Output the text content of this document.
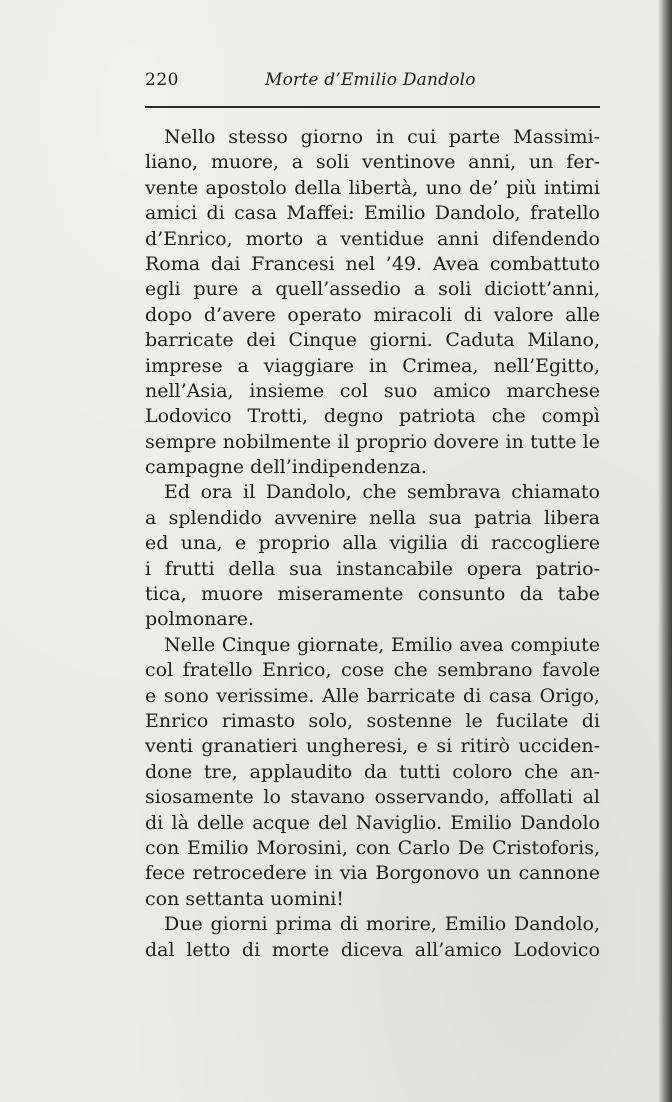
220	Morte d’Emilio Dandolo
Nello stesso giorno in cui parte Massimi-
liano, muore, a soli ventinove anni, un fer-
vente apostolo della libertà, uno de’ più intimi
amici di casa Maffei: Emilio Dandolo, fratello
d’Enrico, morto a ventidue anni difendendo
Roma dai Francesi nel ’49. Avea combattuto
egli pure a quell’assedio a soli diciott’anni,
dopo d’avere operato miracoli di valore alle
barricate dei Cinque giorni. Caduta Milano,
imprese a viaggiare in Crimea, nell’Egitto,
nell’Asia, insieme col suo amico marchese
Lodovico Trotti, degno patriota che compì
sempre nobilmente il proprio dovere in tutte le
campagne dell’indipendenza.
Ed ora il Dandolo, che sembrava chiamato
a splendido avvenire nella sua patria libera
ed una, e proprio alla vigilia di raccogliere
i frutti della sua instancabile opera patrio-
tica, muore miseramente consunto da tabe
polmonare.
Nelle Cinque giornate, Emilio avea compiute
col fratello Enrico, cose che sembrano favole
e sono verissime. Alle barricate di casa Origo,
Enrico rimasto solo, sostenne le fucilate di
venti granatieri ungheresi, e si ritirò ucciden-
done tre, applaudito da tutti coloro che an-
siosamente lo stavano osservando, affollati al
di là delle acque del Naviglio. Emilio Dandolo
con Emilio Morosini, con Carlo De Cristoforis,
fece retrocedere in via Borgonovo un cannone
con settanta uomini!
Due giorni prima di morire, Emilio Dandolo,
dal letto di morte diceva all’amico Lodovico
